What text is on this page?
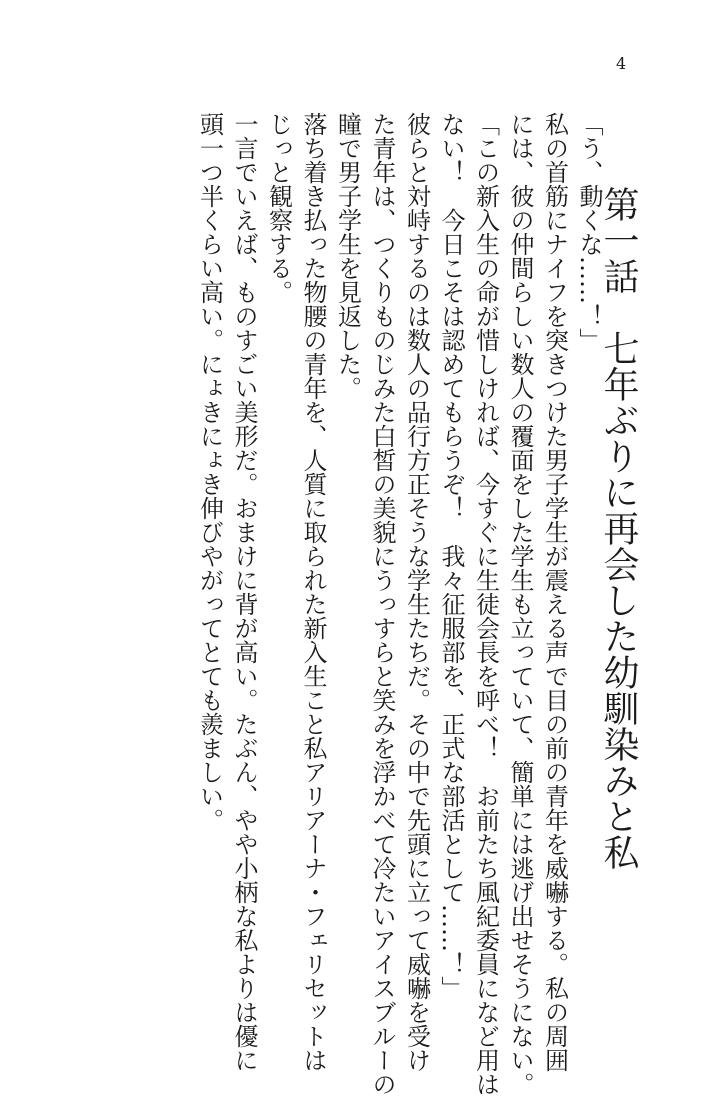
4
第一話　七年ぶりに再会した幼馴染みと私
「う、動くな……！」
私の首筋にナイフを突きつけた男子学生が震える声で目の前の青年を威嚇する。私の周囲
には、彼の仲間らしい数人の覆面をした学生も立っていて、簡単には逃げ出せそうにない。
「この新入生の命が惜しければ、今すぐに生徒会長を呼べ！　お前たち風紀委員になど用は
ない！　今日こそは認めてもらうぞ！　我々征服部を、正式な部活として……！」
彼らと対峙するのは数人の品行方正そうな学生たちだ。その中で先頭に立って威嚇を受け
た青年は、つくりものじみた白皙の美貌にうっすらと笑みを浮かべて冷たいアイスブルーの
瞳で男子学生を見返した。
落ち着き払った物腰の青年を、人質に取られた新入生こと私アリアーナ・フェリセットは
じっと観察する。
一言でいえば、ものすごい美形だ。おまけに背が高い。たぶん、やや小柄な私よりは優に
頭一つ半くらい高い。にょきにょき伸びやがってとても羨ましい。
